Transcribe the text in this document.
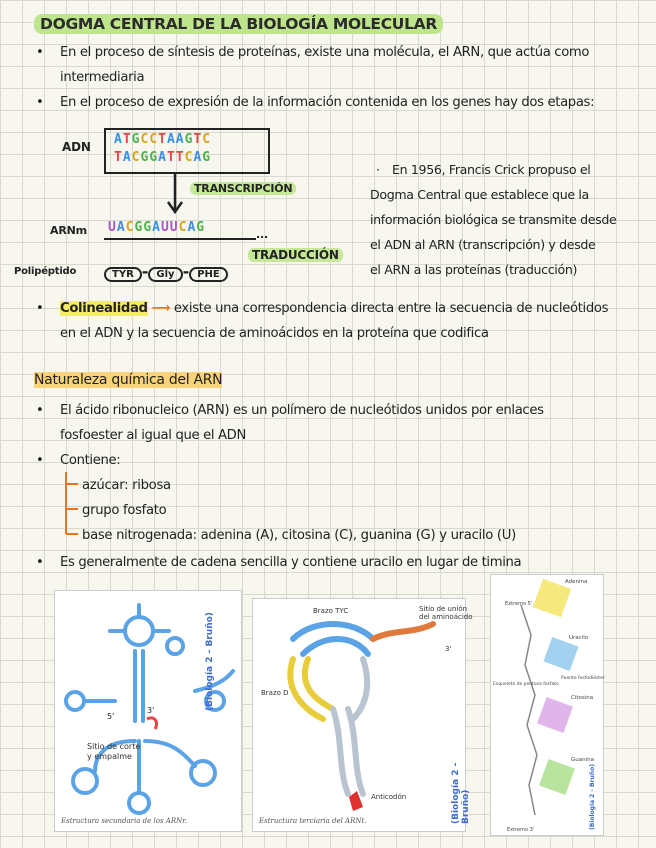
DOGMA CENTRAL DE LA BIOLOGÍA MOLECULAR
• En el proceso de síntesis de proteínas, existe una molécula, el ARN, que actúa como
intermediaria
• En el proceso de expresión de la información contenida en los genes hay dos etapas:
ADN ATGCCTAAGTC
TACGGATTCAG
TRANSCRIPCIÓN
ARNm UACGGAUUCAG	...
TRADUCCIÓN
Polipéptido	TYR - Gly - PHE
· En 1956, Francis Crick propuso el
Dogma Central que establece que la
información biológica se transmite desde
el ADN al ARN (transcripción) y desde
el ARN a las proteínas (traducción)
• Colinealidad ⟶ existe una correspondencia directa entre la secuencia de nucleótidos
en el ADN y la secuencia de aminoácidos en la proteína que codifica
Naturaleza química del ARN
• El ácido ribonucleico (ARN) es un polímero de nucleótidos unidos por enlaces
fosfoester al igual que el ADN
• Contiene:
azúcar: ribosa
grupo fosfato
base nitrogenada: adenina (A), citosina (C), guanina (G) y uracilo (U)
• Es generalmente de cadena sencilla y contiene uracilo en lugar de timina
5'
3'
Sitio de corte
y empalme
Estructura secundaria de los ARNr.
(Biología 2 - Bruño)
Brazo TYC	Sitio de unión
del aminoácido
Brazo D
Anticodón
3'
Estructura terciaria del ARNt.	(Biología 2 - Bruño)
Adenina
Uracilo
Citosina
Guanina
Extremo 5'
Extremo 3'
Puente fosfodiéster
Esqueleto de pentosa fosfato
(Biología 2 - Bruño)
